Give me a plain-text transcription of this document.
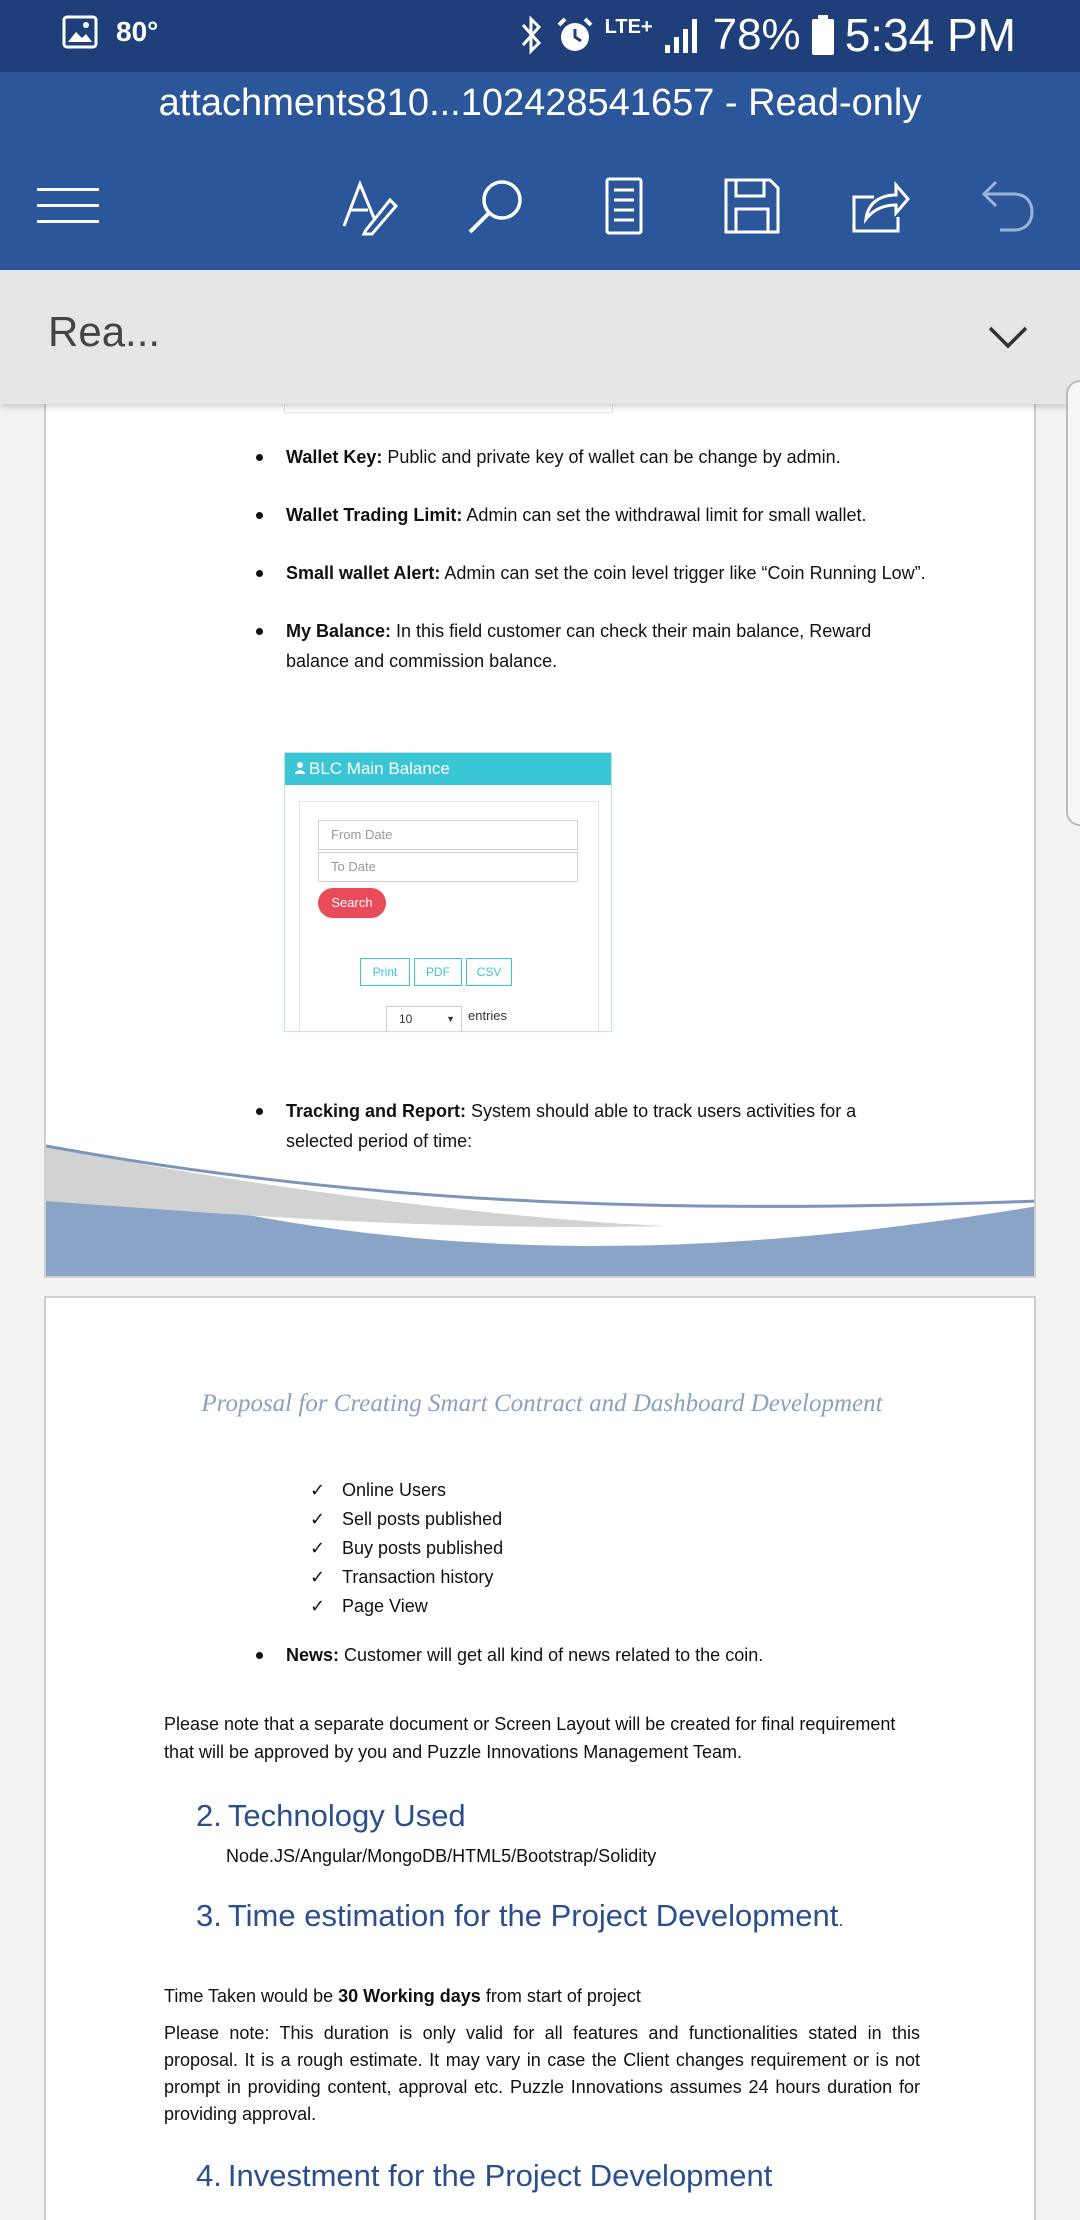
80°	LTE+ 78% 5:34 PM
attachments810...102428541657 - Read-only
Rea...
Wallet Key: Public and private key of wallet can be change by admin.
Wallet Trading Limit: Admin can set the withdrawal limit for small wallet.
Small wallet Alert: Admin can set the coin level trigger like “Coin Running Low”.
My Balance: In this field customer can check their main balance, Reward balance and commission balance.
BLC Main Balance
From Date
To Date
Search
Print	PDF	CSV
10	▼ entries
Tracking and Report: System should able to track users activities for a selected period of time:
Proposal for Creating Smart Contract and Dashboard Development
✓ Online Users
✓ Sell posts published
✓ Buy posts published
✓ Transaction history
✓ Page View
News: Customer will get all kind of news related to the coin.
Please note that a separate document or Screen Layout will be created for final requirement that will be approved by you and Puzzle Innovations Management Team.
2. Technology Used
Node.JS/Angular/MongoDB/HTML5/Bootstrap/Solidity
3. Time estimation for the Project Development.
Time Taken would be 30 Working days from start of project
Please note: This duration is only valid for all features and functionalities stated in this proposal. It is a rough estimate. It may vary in case the Client changes requirement or is not prompt in providing content, approval etc. Puzzle Innovations assumes 24 hours duration for providing approval.
4. Investment for the Project Development
